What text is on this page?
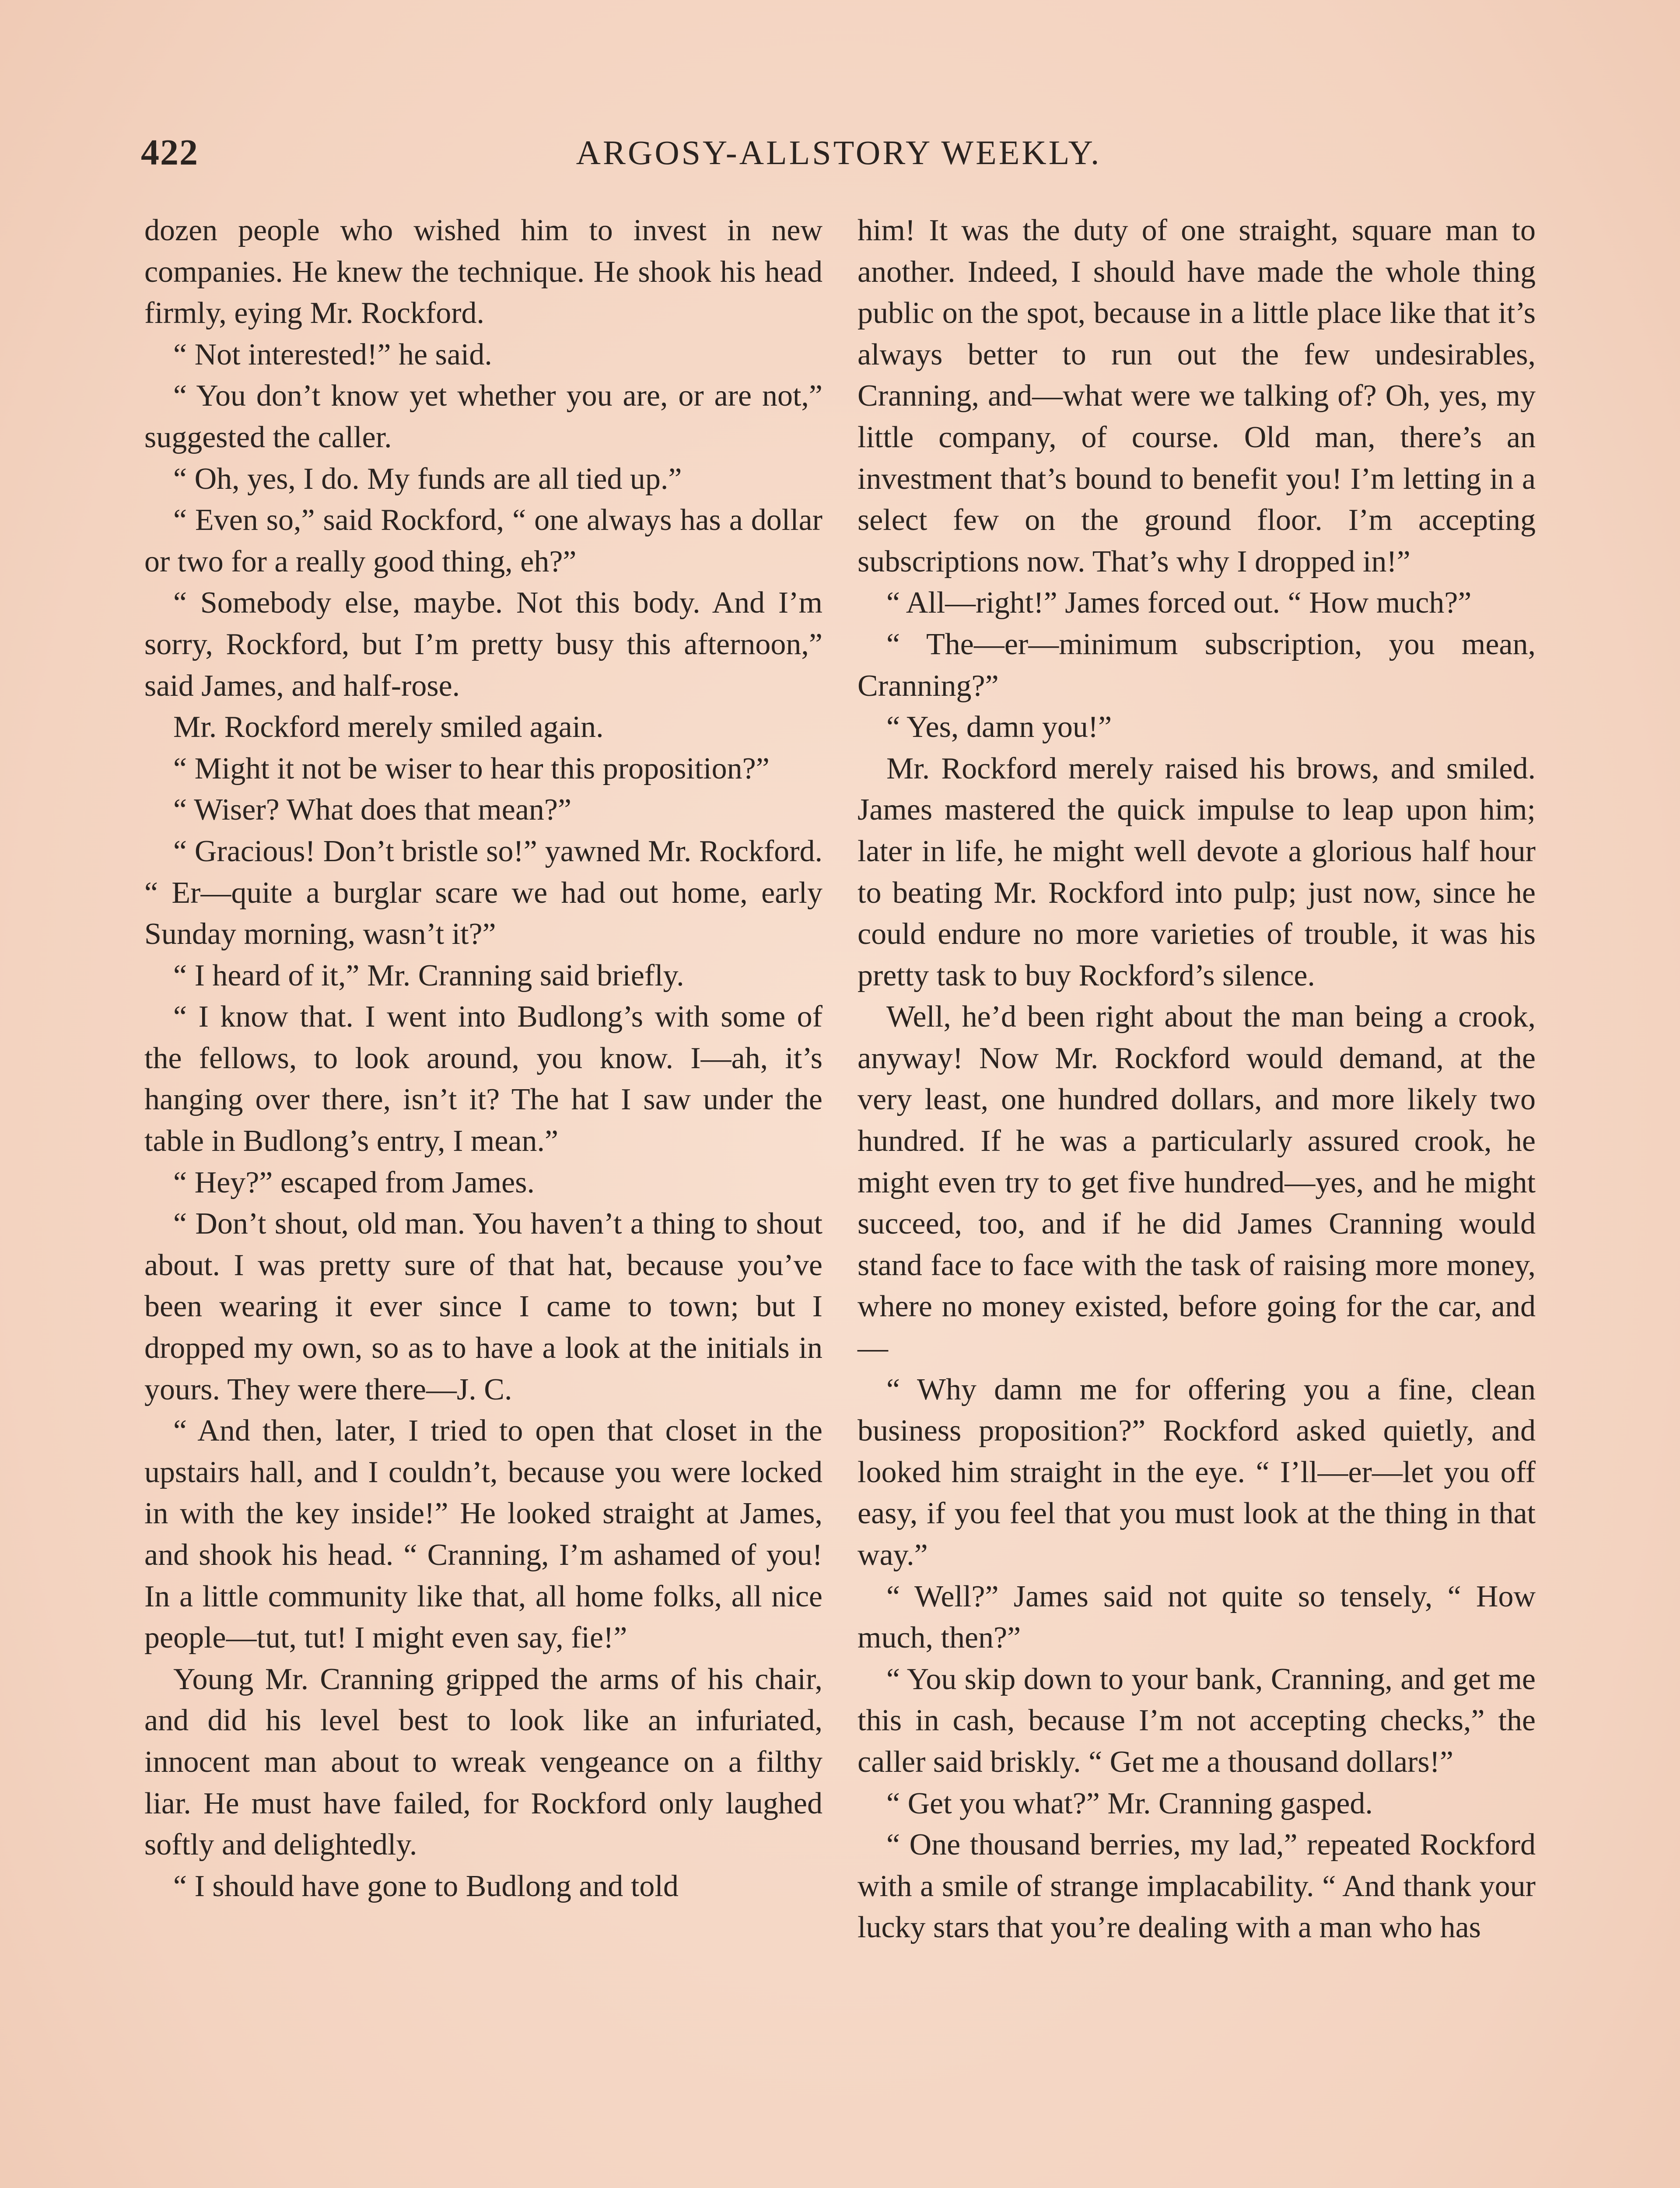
422	ARGOSY-ALLSTORY WEEKLY.

dozen people who wished him to invest in new companies. He knew the technique. He shook his head firmly, eying Mr. Rockford.

“ Not interested!” he said.

“ You don’t know yet whether you are, or are not,” suggested the caller.

“ Oh, yes, I do. My funds are all tied up.”

“ Even so,” said Rockford, “ one always has a dollar or two for a really good thing, eh?”

“ Somebody else, maybe. Not this body. And I’m sorry, Rockford, but I’m pretty busy this afternoon,” said James, and half-rose.

Mr. Rockford merely smiled again.

“ Might it not be wiser to hear this proposition?”

“ Wiser? What does that mean?”

“ Gracious! Don’t bristle so!” yawned Mr. Rockford. “ Er—quite a burglar scare we had out home, early Sunday morning, wasn’t it?”

“ I heard of it,” Mr. Cranning said briefly.

“ I know that. I went into Budlong’s with some of the fellows, to look around, you know. I—ah, it’s hanging over there, isn’t it? The hat I saw under the table in Budlong’s entry, I mean.”

“ Hey?” escaped from James.

“ Don’t shout, old man. You haven’t a thing to shout about. I was pretty sure of that hat, because you’ve been wearing it ever since I came to town; but I dropped my own, so as to have a look at the initials in yours. They were there—J. C.

“ And then, later, I tried to open that closet in the upstairs hall, and I couldn’t, because you were locked in with the key inside!” He looked straight at James, and shook his head. “ Cranning, I’m ashamed of you! In a little community like that, all home folks, all nice people—tut, tut! I might even say, fie!”

Young Mr. Cranning gripped the arms of his chair, and did his level best to look like an infuriated, innocent man about to wreak vengeance on a filthy liar. He must have failed, for Rockford only laughed softly and delightedly.

“ I should have gone to Budlong and told

him! It was the duty of one straight, square man to another. Indeed, I should have made the whole thing public on the spot, because in a little place like that it’s always better to run out the few undesirables, Cranning, and—what were we talking of? Oh, yes, my little company, of course. Old man, there’s an investment that’s bound to benefit you! I’m letting in a select few on the ground floor. I’m accepting subscriptions now. That’s why I dropped in!”

“ All—right!” James forced out. “ How much?”

“ The—er—minimum subscription, you mean, Cranning?”

“ Yes, damn you!”

Mr. Rockford merely raised his brows, and smiled. James mastered the quick impulse to leap upon him; later in life, he might well devote a glorious half hour to beating Mr. Rockford into pulp; just now, since he could endure no more varieties of trouble, it was his pretty task to buy Rockford’s silence.

Well, he’d been right about the man being a crook, anyway! Now Mr. Rockford would demand, at the very least, one hundred dollars, and more likely two hundred. If he was a particularly assured crook, he might even try to get five hundred—yes, and he might succeed, too, and if he did James Cranning would stand face to face with the task of raising more money, where no money existed, before going for the car, and—

“ Why damn me for offering you a fine, clean business proposition?” Rockford asked quietly, and looked him straight in the eye. “ I’ll—er—let you off easy, if you feel that you must look at the thing in that way.”

“ Well?” James said not quite so tensely, “ How much, then?”

“ You skip down to your bank, Cranning, and get me this in cash, because I’m not accepting checks,” the caller said briskly. “ Get me a thousand dollars!”

“ Get you what?” Mr. Cranning gasped.

“ One thousand berries, my lad,” repeated Rockford with a smile of strange implacability. “ And thank your lucky stars that you’re dealing with a man who has
